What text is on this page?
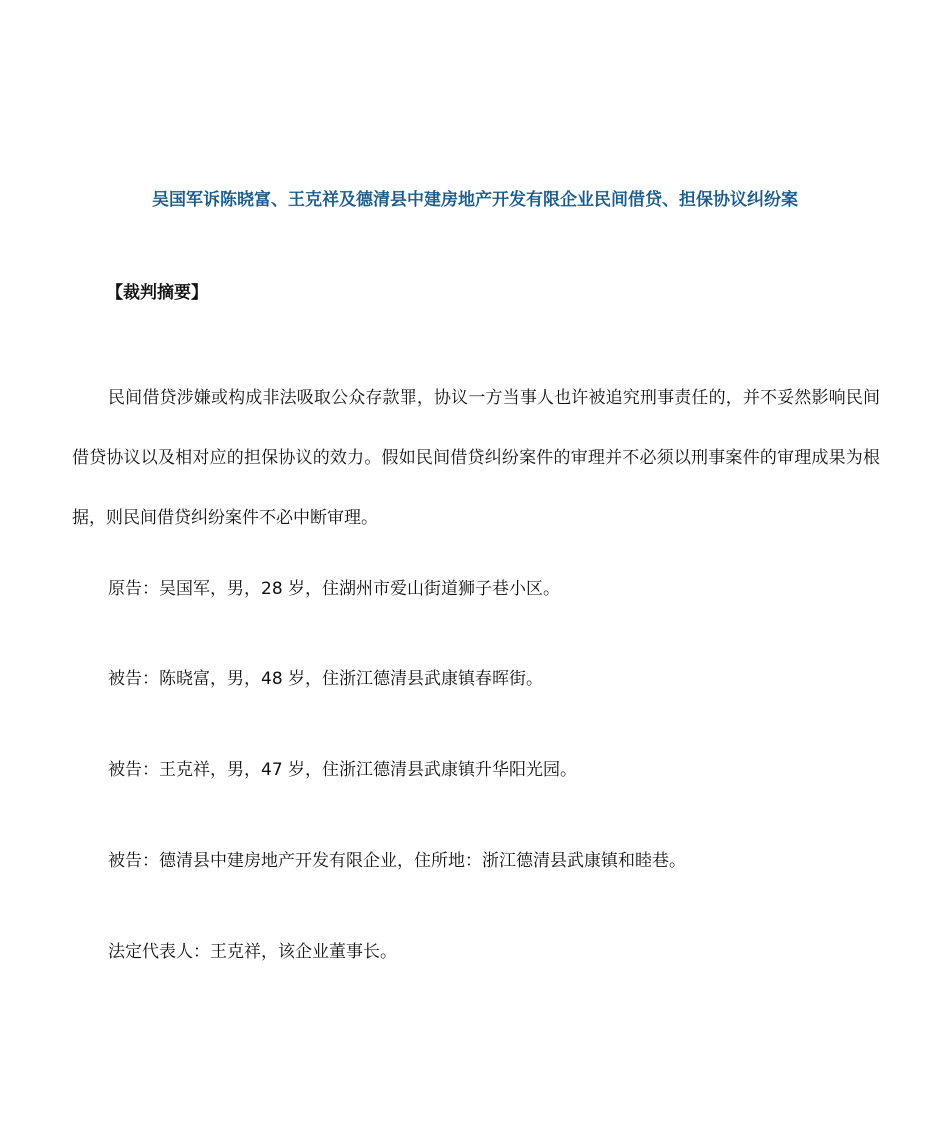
吴国军诉陈晓富、王克祥及德清县中建房地产开发有限企业民间借贷、担保协议纠纷案
【裁判摘要】

民间借贷涉嫌或构成非法吸取公众存款罪，协议一方当事人也许被追究刑事责任的，并不妥然影响民间借贷协议以及相对应的担保协议的效力。假如民间借贷纠纷案件的审理并不必须以刑事案件的审理成果为根据，则民间借贷纠纷案件不必中断审理。

原告：吴国军，男，28 岁，住湖州市爱山街道狮子巷小区。

被告：陈晓富，男，48 岁，住浙江德清县武康镇春晖街。

被告：王克祥，男，47 岁，住浙江德清县武康镇升华阳光园。

被告：德清县中建房地产开发有限企业，住所地：浙江德清县武康镇和睦巷。

法定代表人：王克祥，该企业董事长。
